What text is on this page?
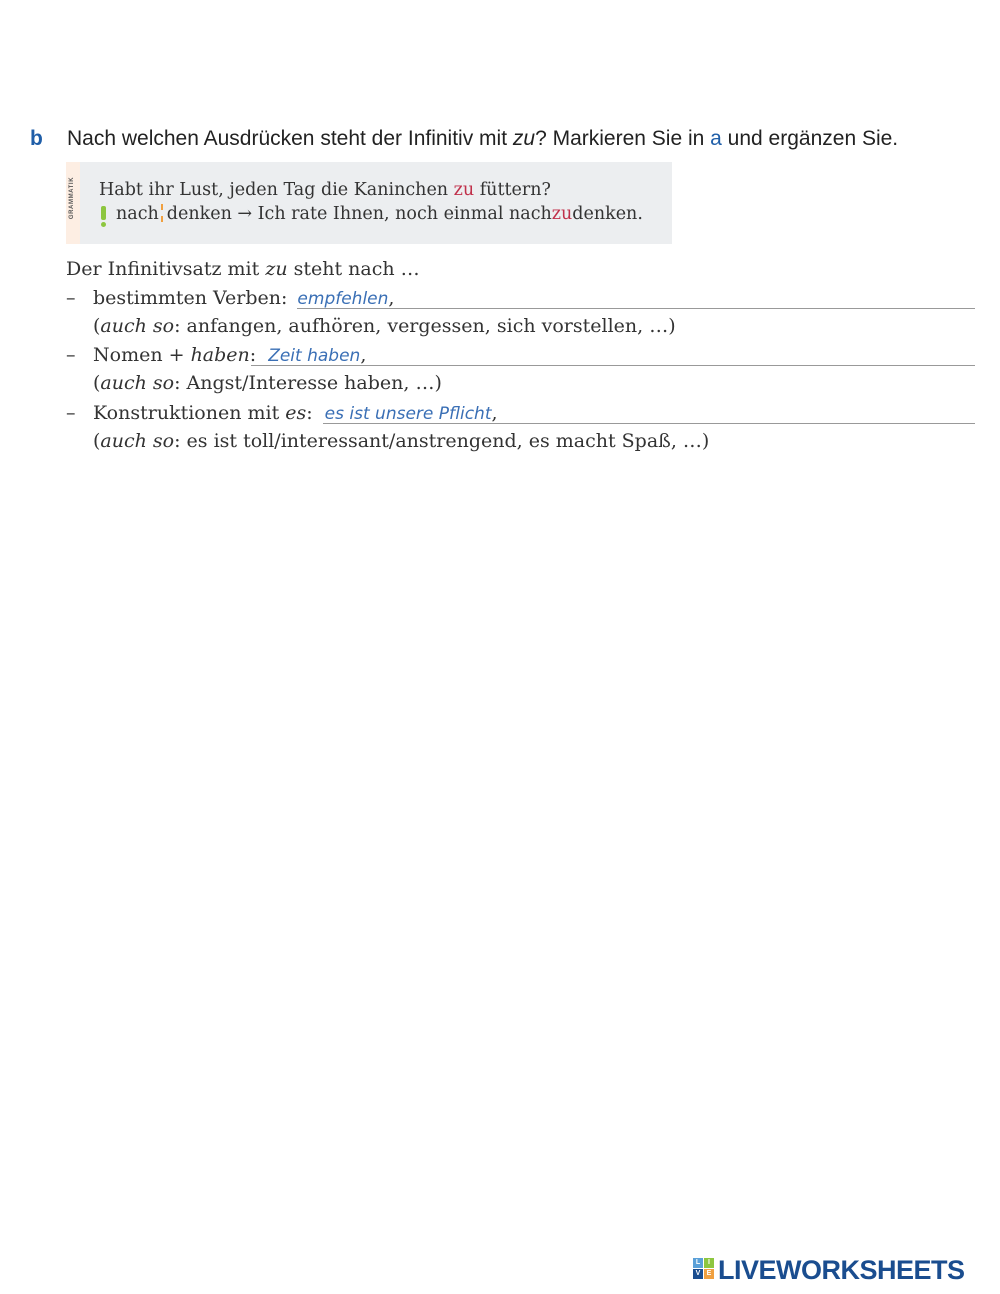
b Nach welchen Ausdrücken steht der Infinitiv mit zu? Markieren Sie in a und ergänzen Sie.
GRAMMATIK Habt ihr Lust, jeden Tag die Kaninchen zu füttern?
nach denken → Ich rate Ihnen, noch einmal nachzudenken.
Der Infinitivsatz mit zu steht nach …
– bestimmten Verben: empfehlen,
(auch so: anfangen, aufhören, vergessen, sich vorstellen, …)
– Nomen + haben: Zeit haben,
(auch so: Angst/Interesse haben, …)
– Konstruktionen mit es: es ist unsere Pflicht,
(auch so: es ist toll/interessant/anstrengend, es macht Spaß, …)
L	I
V E LIVEWORKSHEETS
